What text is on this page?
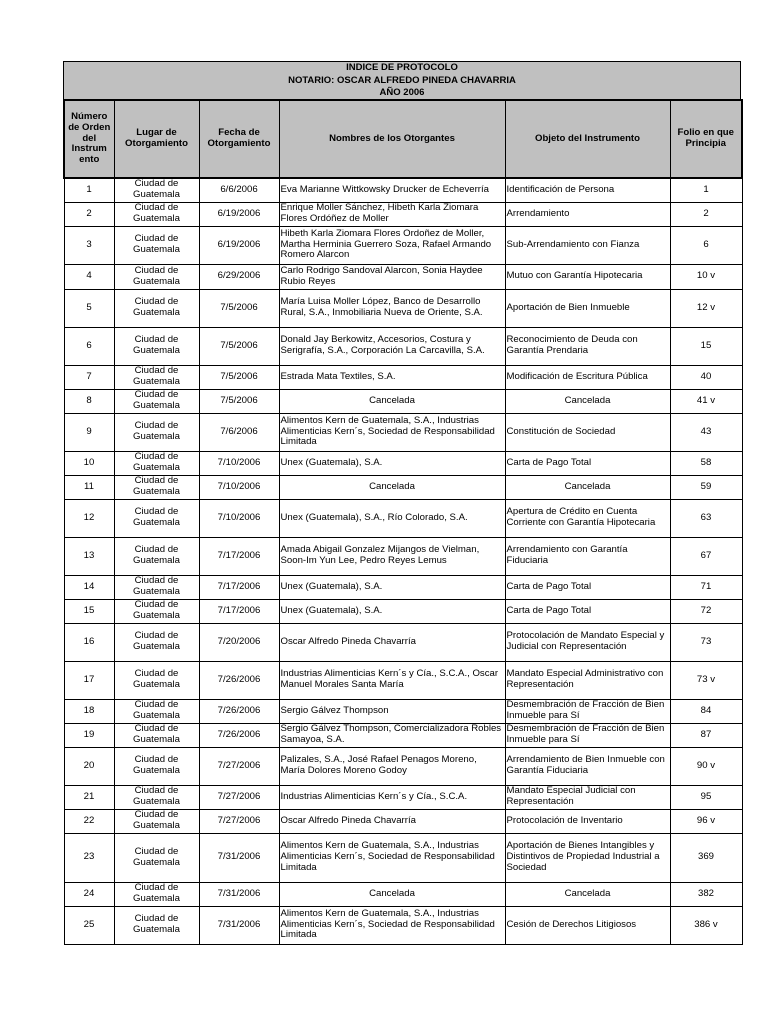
INDICE DE PROTOCOLO
NOTARIO: OSCAR ALFREDO PINEDA CHAVARRIA
AÑO 2006
Número de Orden del Instrum ento	Lugar de Otorgamiento	Fecha de Otorgamiento	Nombres de los Otorgantes	Objeto del Instrumento	Folio en que Principia
1	Ciudad de Guatemala	6/6/2006	Eva Marianne Wittkowsky Drucker de Echeverría	Identificación de Persona	1
2	Ciudad de Guatemala	6/19/2006	Enrique Moller Sánchez, Hibeth Karla Ziomara Flores Ordóñez de Moller	Arrendamiento	2
3	Ciudad de Guatemala	6/19/2006	Hibeth Karla Ziomara Flores Ordoñez de Moller, Martha Herminia Guerrero Soza, Rafael Armando Romero Alarcon	Sub-Arrendamiento con Fianza	6
4	Ciudad de Guatemala	6/29/2006	Carlo Rodrigo Sandoval Alarcon, Sonia Haydee Rubio Reyes	Mutuo con Garantía Hipotecaria	10 v
5	Ciudad de Guatemala	7/5/2006	María Luisa Moller López, Banco de Desarrollo Rural, S.A., Inmobiliaria Nueva de Oriente, S.A.	Aportación de Bien Inmueble	12 v
6	Ciudad de Guatemala	7/5/2006	Donald Jay Berkowitz, Accesorios, Costura y Serigrafía, S.A., Corporación La Carcavilla, S.A.	Reconocimiento de Deuda con Garantía Prendaria	15
7	Ciudad de Guatemala	7/5/2006	Estrada Mata Textiles, S.A.	Modificación de Escritura Pública	40
8	Ciudad de Guatemala	7/5/2006	Cancelada	Cancelada	41 v
9	Ciudad de Guatemala	7/6/2006	Alimentos Kern de Guatemala, S.A., Industrias Alimenticias Kern´s, Sociedad de Responsabilidad Limitada	Constitución de Sociedad	43
10	Ciudad de Guatemala	7/10/2006	Unex (Guatemala), S.A.	Carta de Pago Total	58
11	Ciudad de Guatemala	7/10/2006	Cancelada	Cancelada	59
12	Ciudad de Guatemala	7/10/2006	Unex (Guatemala), S.A., Río Colorado, S.A.	Apertura de Crédito en Cuenta Corriente con Garantía Hipotecaria	63
13	Ciudad de Guatemala	7/17/2006	Amada Abigail Gonzalez Mijangos de Vielman, Soon-Im Yun Lee, Pedro Reyes Lemus	Arrendamiento con Garantía Fiduciaria	67
14	Ciudad de Guatemala	7/17/2006	Unex (Guatemala), S.A.	Carta de Pago Total	71
15	Ciudad de Guatemala	7/17/2006	Unex (Guatemala), S.A.	Carta de Pago Total	72
16	Ciudad de Guatemala	7/20/2006	Oscar Alfredo Pineda Chavarría	Protocolación de Mandato Especial y Judicial con Representación	73
17	Ciudad de Guatemala	7/26/2006	Industrias Alimenticias Kern´s y Cía., S.C.A., Oscar Manuel Morales Santa María	Mandato Especial Administrativo con Representación	73 v
18	Ciudad de Guatemala	7/26/2006	Sergio Gálvez Thompson	Desmembración de Fracción de Bien Inmueble para Sí	84
19	Ciudad de Guatemala	7/26/2006	Sergio Gálvez Thompson, Comercializadora Robles Samayoa, S.A.	Desmembración de Fracción de Bien Inmueble para Sí	87
20	Ciudad de Guatemala	7/27/2006	Palizales, S.A., José Rafael Penagos Moreno, María Dolores Moreno Godoy	Arrendamiento de Bien Inmueble con Garantía Fiduciaria	90 v
21	Ciudad de Guatemala	7/27/2006	Industrias Alimenticias Kern´s y Cía., S.C.A.	Mandato Especial Judicial con Representación	95
22	Ciudad de Guatemala	7/27/2006	Oscar Alfredo Pineda Chavarría	Protocolación de Inventario	96 v
23	Ciudad de Guatemala	7/31/2006	Alimentos Kern de Guatemala, S.A., Industrias Alimenticias Kern´s, Sociedad de Responsabilidad Limitada	Aportación de Bienes Intangibles y Distintivos de Propiedad Industrial a Sociedad	369
24	Ciudad de Guatemala	7/31/2006	Cancelada	Cancelada	382
25	Ciudad de Guatemala	7/31/2006	Alimentos Kern de Guatemala, S.A., Industrias Alimenticias Kern´s, Sociedad de Responsabilidad Limitada	Cesión de Derechos Litigiosos	386 v
